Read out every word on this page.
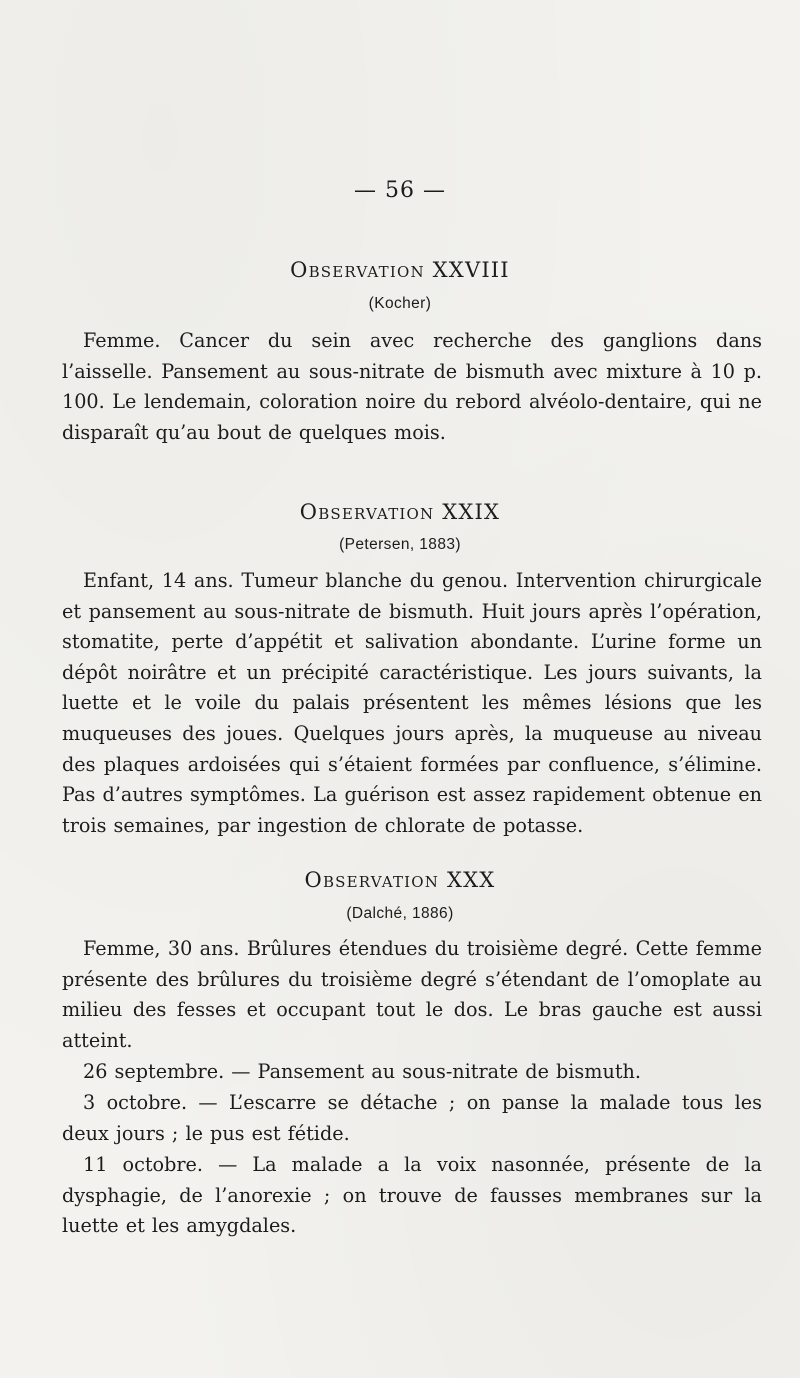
— 56 —
Observation XXVIII
(Kocher)

Femme. Cancer du sein avec recherche des ganglions dans l’aisselle. Pansement au sous-nitrate de bismuth avec mixture à 10 p. 100. Le lendemain, coloration noire du rebord alvéolo-dentaire, qui ne disparaît qu’au bout de quelques mois.

Observation XXIX
(Petersen, 1883)

Enfant, 14 ans. Tumeur blanche du genou. Intervention chirurgicale et pansement au sous-nitrate de bismuth. Huit jours après l’opération, stomatite, perte d’appétit et salivation abondante. L’urine forme un dépôt noirâtre et un précipité caractéristique. Les jours suivants, la luette et le voile du palais présentent les mêmes lésions que les muqueuses des joues. Quelques jours après, la muqueuse au niveau des plaques ardoisées qui s’étaient formées par confluence, s’élimine. Pas d’autres symptômes. La guérison est assez rapidement obtenue en trois semaines, par ingestion de chlorate de potasse.

Observation XXX
(Dalché, 1886)

Femme, 30 ans. Brûlures étendues du troisième degré. Cette femme présente des brûlures du troisième degré s’étendant de l’omoplate au milieu des fesses et occupant tout le dos. Le bras gauche est aussi atteint.

26 septembre. — Pansement au sous-nitrate de bismuth.

3 octobre. — L’escarre se détache ; on panse la malade tous les deux jours ; le pus est fétide.

11 octobre. — La malade a la voix nasonnée, présente de la dysphagie, de l’anorexie ; on trouve de fausses membranes sur la luette et les amygdales.
